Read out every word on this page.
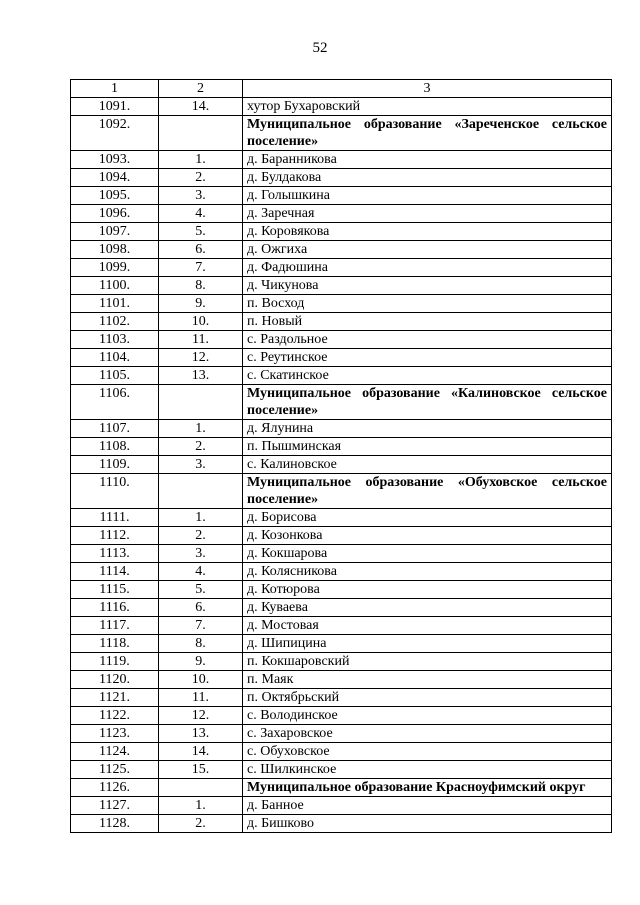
52
1	2	3
1091.	14.	хутор Бухаровский
1092.		Муниципальное образование «Зареченское сельское поселение»
1093.	1.	д. Баранникова
1094.	2.	д. Булдакова
1095.	3.	д. Голышкина
1096.	4.	д. Заречная
1097.	5.	д. Коровякова
1098.	6.	д. Ожгиха
1099.	7.	д. Фадюшина
1100.	8.	д. Чикунова
1101.	9.	п. Восход
1102.	10.	п. Новый
1103.	11.	с. Раздольное
1104.	12.	с. Реутинское
1105.	13.	с. Скатинское
1106.		Муниципальное образование «Калиновское сельское поселение»
1107.	1.	д. Ялунина
1108.	2.	п. Пышминская
1109.	3.	с. Калиновское
1110.		Муниципальное образование «Обуховское сельское поселение»
1111.	1.	д. Борисова
1112.	2.	д. Козонкова
1113.	3.	д. Кокшарова
1114.	4.	д. Колясникова
1115.	5.	д. Котюрова
1116.	6.	д. Куваева
1117.	7.	д. Мостовая
1118.	8.	д. Шипицина
1119.	9.	п. Кокшаровский
1120.	10.	п. Маяк
1121.	11.	п. Октябрьский
1122.	12.	с. Володинское
1123.	13.	с. Захаровское
1124.	14.	с. Обуховское
1125.	15.	с. Шилкинское
1126.		Муниципальное образование Красноуфимский округ
1127.	1.	д. Банное
1128.	2.	д. Бишково
